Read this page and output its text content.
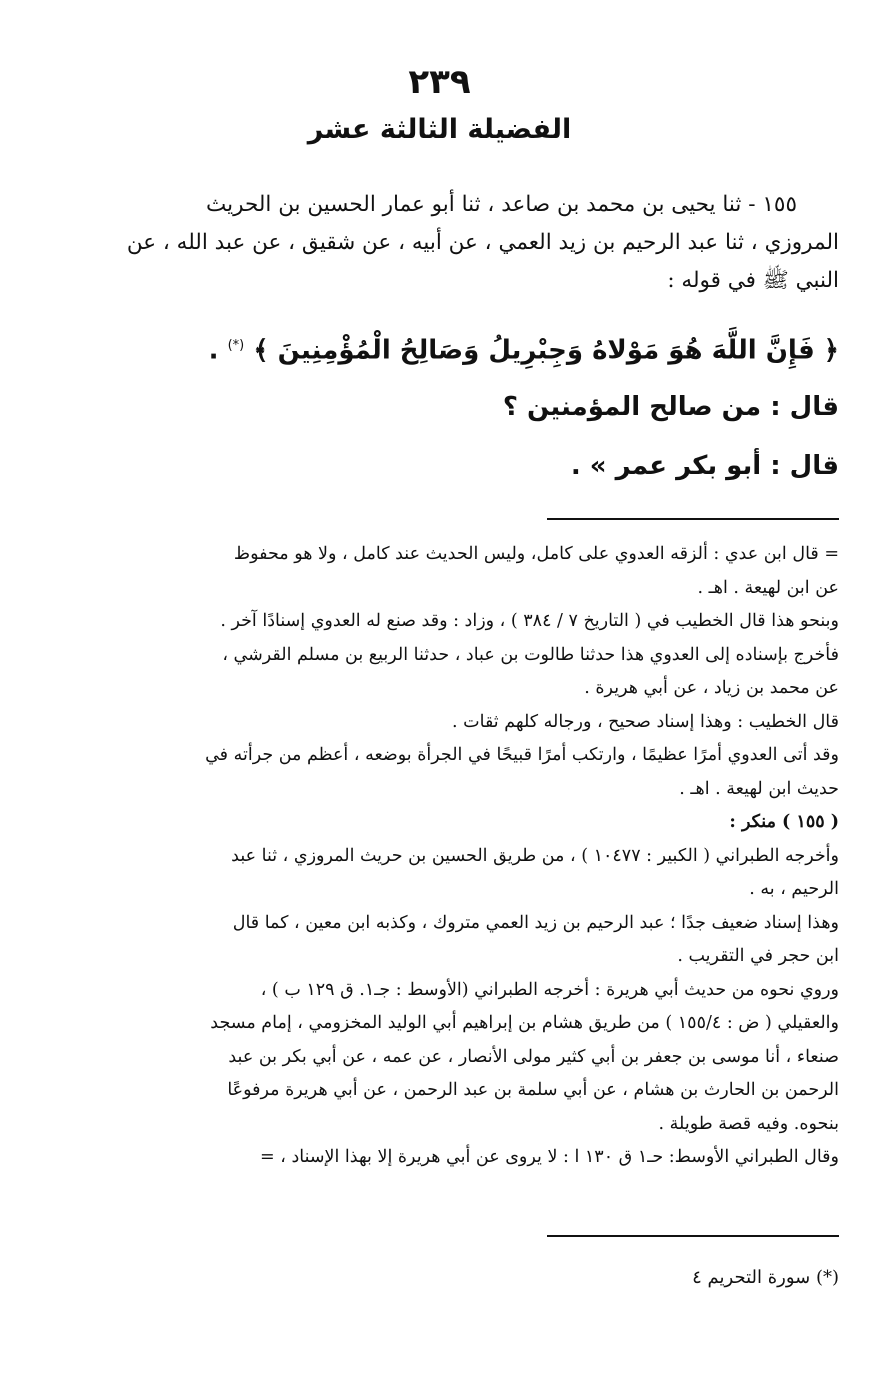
٢٣٩
الفضيلة الثالثة عشر

١٥٥ - ثنا يحيى بن محمد بن صاعد ، ثنا أبو عمار الحسين بن الحريث

المروزي ، ثنا عبد الرحيم بن زيد العمي ، عن أبيه ، عن شقيق ، عن عبد الله ، عن

النبي ﷺ في قوله :

﴿ فَإِنَّ اللَّهَ هُوَ مَوْلاهُ وَجِبْرِيلُ وَصَالِحُ الْمُؤْمِنِينَ ﴾ (*) .
قال : من صالح المؤمنين ؟
قال : أبو بكر عمر » .

= قال ابن عدي : ألزقه العدوي على كامل، وليس الحديث عند كامل ، ولا هو محفوظ

عن ابن لهيعة . اهـ .

وبنحو هذا قال الخطيب في ( التاريخ ٧ / ٣٨٤ ) ، وزاد : وقد صنع له العدوي إسنادًا آخر .

فأخرج بإسناده إلى العدوي هذا حدثنا طالوت بن عباد ، حدثنا الربيع بن مسلم القرشي ،

عن محمد بن زياد ، عن أبي هريرة .

قال الخطيب : وهذا إسناد صحيح ، ورجاله كلهم ثقات .

وقد أتى العدوي أمرًا عظيمًا ، وارتكب أمرًا قبيحًا في الجرأة بوضعه ، أعظم من جرأته في

حديث ابن لهيعة . اهـ .

( ١٥٥ ) منكر :

وأخرجه الطبراني ( الكبير : ١٠٤٧٧ ) ، من طريق الحسين بن حريث المروزي ، ثنا عبد

الرحيم ، به .

وهذا إسناد ضعيف جدًا ؛ عبد الرحيم بن زيد العمي متروك ، وكذبه ابن معين ، كما قال

ابن حجر في التقريب .

وروي نحوه من حديث أبي هريرة : أخرجه الطبراني (الأوسط : جـ١. ق ١٢٩ ب ) ،

والعقيلي ( ض : ١٥٥/٤ ) من طريق هشام بن إبراهيم أبي الوليد المخزومي ، إمام مسجد

صنعاء ، أنا موسى بن جعفر بن أبي كثير مولى الأنصار ، عن عمه ، عن أبي بكر بن عبد

الرحمن بن الحارث بن هشام ، عن أبي سلمة بن عبد الرحمن ، عن أبي هريرة مرفوعًا

بنحوه. وفيه قصة طويلة .

وقال الطبراني الأوسط: حـ١ ق ١٣٠ ا : لا يروى عن أبي هريرة إلا بهذا الإسناد ، =

(*) سورة التحريم ٤
